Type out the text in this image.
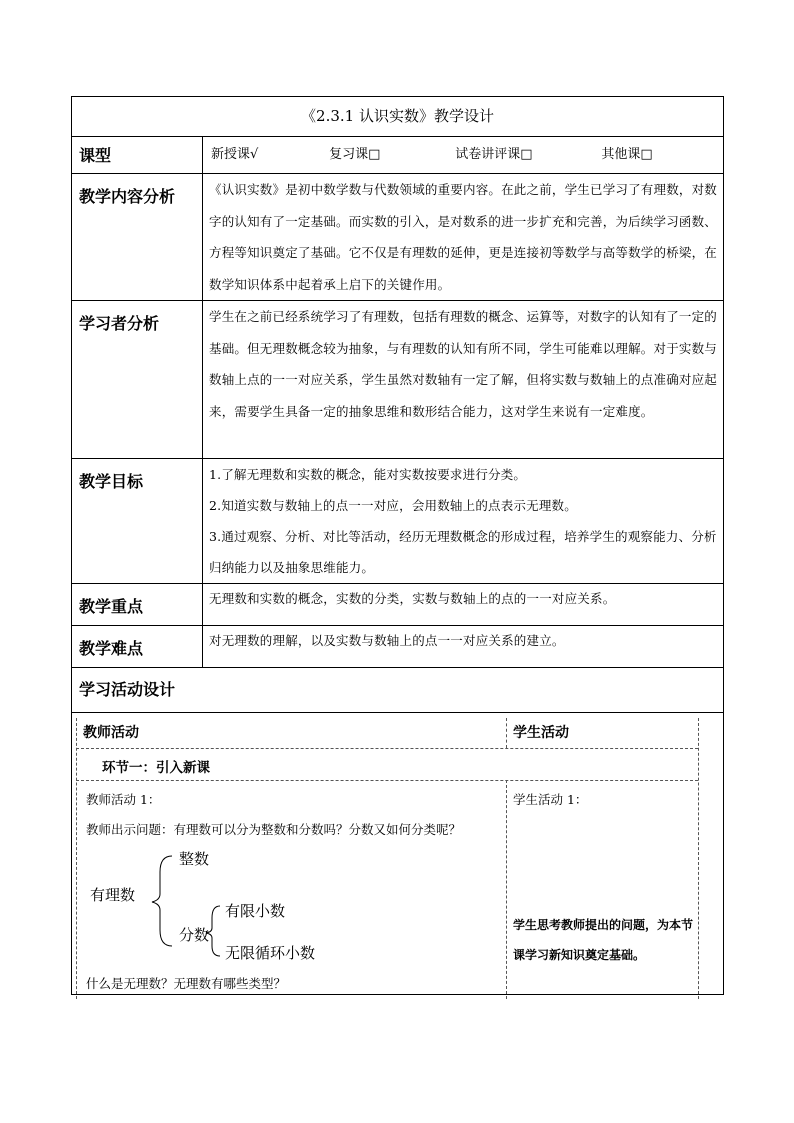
《2.3.1 认识实数》教学设计	
课型	新授课√ 复习课□ 试卷讲评课□ 其他课□
教学内容分析	《认识实数》是初中数学数与代数领域的重要内容。在此之前，学生已学习了有理数，对数字的认知有了一定基础。而实数的引入，是对数系的进一步扩充和完善，为后续学习函数、方程等知识奠定了基础。它不仅是有理数的延伸，更是连接初等数学与高等数学的桥梁，在数学知识体系中起着承上启下的关键作用。
学习者分析	学生在之前已经系统学习了有理数，包括有理数的概念、运算等，对数字的认知有了一定的基础。但无理数概念较为抽象，与有理数的认知有所不同，学生可能难以理解。对于实数与数轴上点的一一对应关系，学生虽然对数轴有一定了解，但将实数与数轴上的点准确对应起来，需要学生具备一定的抽象思维和数形结合能力，这对学生来说有一定难度。
教学目标	1.了解无理数和实数的概念，能对实数按要求进行分类。
2.知道实数与数轴上的点一一对应，会用数轴上的点表示无理数。
3.通过观察、分析、对比等活动，经历无理数概念的形成过程，培养学生的观察能力、分析归纳能力以及抽象思维能力。

教学重点	无理数和实数的概念，实数的分类，实数与数轴上的点的一一对应关系。
教学难点	对无理数的理解，以及实数与数轴上的点一一对应关系的建立。
学习活动设计	

教师活动	学生活动
环节一：引入新课
教师活动 1：
教师出示问题：有理数可以分为整数和分数吗？分数又如何分类呢？
有理数
整数
分数
有限小数
无限循环小数
什么是无理数？无理数有哪些类型？
学生活动 1：
学生思考教师提出的问题，为本节课学习新知识奠定基础。
